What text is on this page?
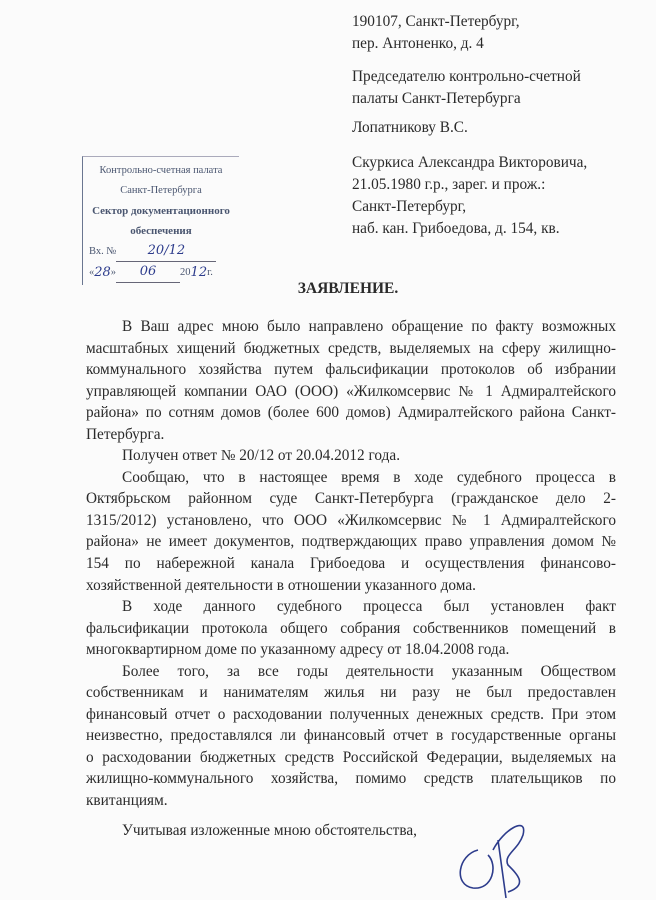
190107, Санкт-Петербург,
пер. Антоненко, д. 4
Председателю контрольно-счетной
палаты Санкт-Петербурга
Лопатникову В.С.
Скуркиса Александра Викторовича,
21.05.1980 г.р., зарег. и прож.:
Санкт-Петербург,
наб. кан. Грибоедова, д. 154, кв.
Контрольно-счетная палата
Санкт-Петербурга
Сектор документационного
обеспечения
Вх. №	20/12
« 28 »	06	20 12 г.
ЗАЯВЛЕНИЕ.
В Ваш адрес мною было направлено обращение по факту возможных
масштабных хищений бюджетных средств, выделяемых на сферу жилищно-
коммунального хозяйства путем фальсификации протоколов об избрании
управляющей компании ОАО (ООО) «Жилкомсервис № 1 Адмиралтейского
района» по сотням домов (более 600 домов) Адмиралтейского района Санкт-
Петербурга.
Получен ответ № 20/12 от 20.04.2012 года.
Сообщаю, что в настоящее время в ходе судебного процесса в
Октябрьском районном суде Санкт-Петербурга (гражданское дело 2-
1315/2012) установлено, что ООО «Жилкомсервис № 1 Адмиралтейского
района» не имеет документов, подтверждающих право управления домом №
154 по набережной канала Грибоедова и осуществления финансово-
хозяйственной деятельности в отношении указанного дома.
В ходе данного судебного процесса был установлен факт
фальсификации протокола общего собрания собственников помещений в
многоквартирном доме по указанному адресу от 18.04.2008 года.
Более того, за все годы деятельности указанным Обществом
собственникам и нанимателям жилья ни разу не был предоставлен
финансовый отчет о расходовании полученных денежных средств. При этом
неизвестно, предоставлялся ли финансовый отчет в государственные органы
о расходовании бюджетных средств Российской Федерации, выделяемых на
жилищно-коммунального хозяйства, помимо средств плательщиков по
квитанциям.
Учитывая изложенные мною обстоятельства,
